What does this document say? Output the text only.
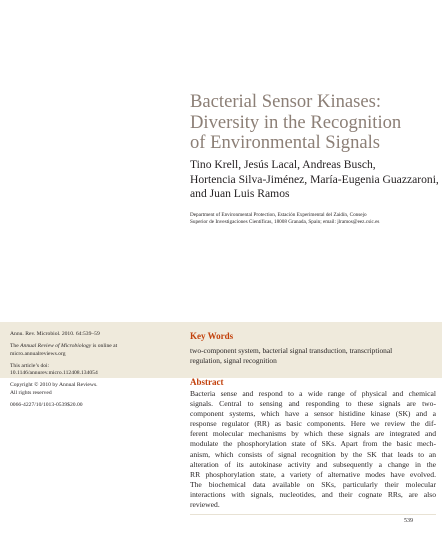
Bacterial Sensor Kinases:
Diversity in the Recognition
of Environmental Signals
Tino Krell, Jesús Lacal, Andreas Busch,
Hortencia Silva-Jiménez, María-Eugenia Guazzaroni,
and Juan Luis Ramos
Department of Environmental Protection, Estación Experimental del Zaidín, Consejo
Superior de Investigaciones Científicas, 18008 Granada, Spain; email: jlramos@eez.csic.es
Annu. Rev. Microbiol. 2010. 64:539–59
The Annual Review of Microbiology is online at
micro.annualreviews.org
This article’s doi:
10.1146/annurev.micro.112408.134054
Copyright © 2010 by Annual Reviews.
All rights reserved
0066-4227/10/1013-0539$20.00
Key Words
two-component system, bacterial signal transduction, transcriptional
regulation, signal recognition
Abstract
Bacteria sense and respond to a wide range of physical and chemical
signals. Central to sensing and responding to these signals are two-
component systems, which have a sensor histidine kinase (SK) and a
response regulator (RR) as basic components. Here we review the dif-
ferent molecular mechanisms by which these signals are integrated and
modulate the phosphorylation state of SKs. Apart from the basic mech-
anism, which consists of signal recognition by the SK that leads to an
alteration of its autokinase activity and subsequently a change in the
RR phosphorylation state, a variety of alternative modes have evolved.
The biochemical data available on SKs, particularly their molecular
interactions with signals, nucleotides, and their cognate RRs, are also
reviewed.
539
